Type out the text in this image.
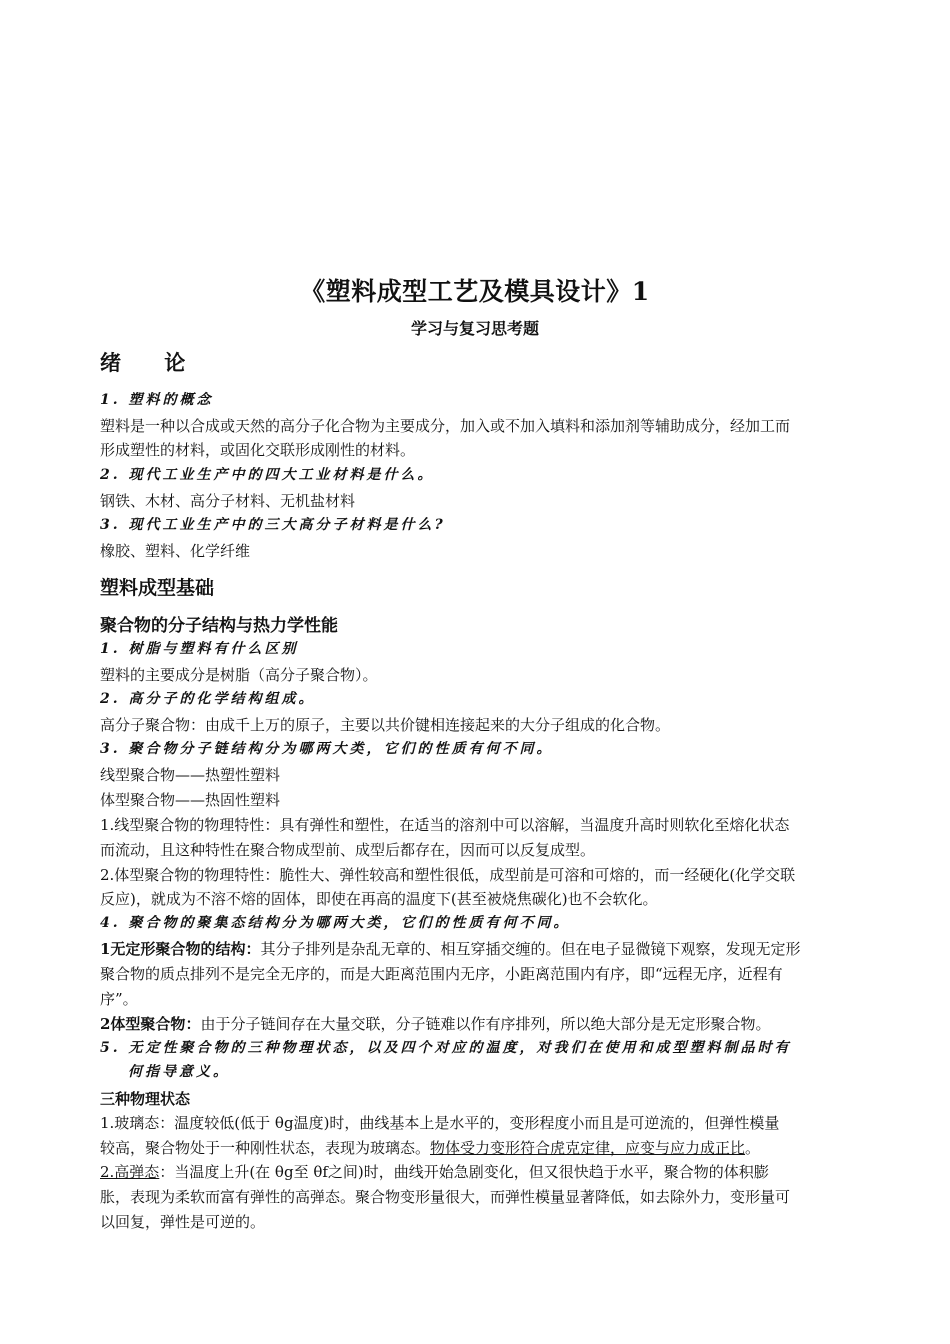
《塑料成型工艺及模具设计》1
学习与复习思考题
绪 论
1. 塑料的概念
塑料是一种以合成或天然的高分子化合物为主要成分，加入或不加入填料和添加剂等辅助成分，经加工而
形成塑性的材料，或固化交联形成刚性的材料。
2. 现代工业生产中的四大工业材料是什么。
钢铁、木材、高分子材料、无机盐材料
3. 现代工业生产中的三大高分子材料是什么?
橡胶、塑料、化学纤维
塑料成型基础
聚合物的分子结构与热力学性能
1. 树脂与塑料有什么区别
塑料的主要成分是树脂（高分子聚合物）。
2. 高分子的化学结构组成。
高分子聚合物：由成千上万的原子，主要以共价键相连接起来的大分子组成的化合物。
3. 聚合物分子链结构分为哪两大类，它们的性质有何不同。
线型聚合物——热塑性塑料
体型聚合物——热固性塑料
1.线型聚合物的物理特性：具有弹性和塑性，在适当的溶剂中可以溶解，当温度升高时则软化至熔化状态
而流动，且这种特性在聚合物成型前、成型后都存在，因而可以反复成型。
2.体型聚合物的物理特性：脆性大、弹性较高和塑性很低，成型前是可溶和可熔的，而一经硬化(化学交联
反应)，就成为不溶不熔的固体，即使在再高的温度下(甚至被烧焦碳化)也不会软化。
4. 聚合物的聚集态结构分为哪两大类，它们的性质有何不同。
1无定形聚合物的结构：其分子排列是杂乱无章的、相互穿插交缠的。但在电子显微镜下观察，发现无定形
聚合物的质点排列不是完全无序的，而是大距离范围内无序，小距离范围内有序，即“远程无序，近程有
序”。
2体型聚合物：由于分子链间存在大量交联，分子链难以作有序排列，所以绝大部分是无定形聚合物。
5. 无定性聚合物的三种物理状态，以及四个对应的温度，对我们在使用和成型塑料制品时有
何指导意义。
三种物理状态
1.玻璃态：温度较低(低于 θg温度)时，曲线基本上是水平的，变形程度小而且是可逆流的，但弹性模量
较高，聚合物处于一种刚性状态，表现为玻璃态。物体受力变形符合虎克定律，应变与应力成正比。
2.高弹态：当温度上升(在 θg至 θf之间)时，曲线开始急剧变化，但又很快趋于水平，聚合物的体积膨
胀，表现为柔软而富有弹性的高弹态。聚合物变形量很大，而弹性模量显著降低，如去除外力，变形量可
以回复，弹性是可逆的。
